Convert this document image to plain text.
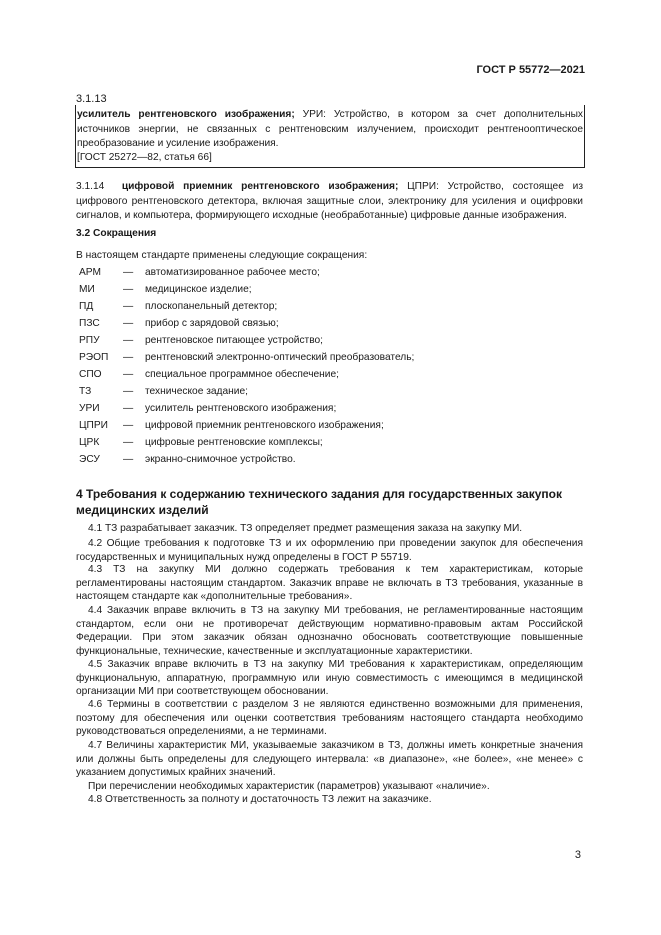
ГОСТ Р 55772—2021
3.1.13
усилитель рентгеновского изображения; УРИ: Устройство, в котором за счет дополнительных источников энергии, не связанных с рентгеновским излучением, происходит рентгенооптическое преобразование и усиление изображения.
[ГОСТ 25272—82, статья 66]
3.1.14 цифровой приемник рентгеновского изображения; ЦПРИ: Устройство, состоящее из цифрового рентгеновского детектора, включая защитные слои, электронику для усиления и оцифровки сигналов, и компьютера, формирующего исходные (необработанные) цифровые данные изображения.
3.2 Сокращения
В настоящем стандарте применены следующие сокращения:
АРМ	— автоматизированное рабочее место;
МИ	— медицинское изделие;
ПД	— плоскопанельный детектор;
ПЗС	— прибор с зарядовой связью;
РПУ	— рентгеновское питающее устройство;
РЭОП	— рентгеновский электронно-оптический преобразователь;
СПО	— специальное программное обеспечение;
ТЗ	— техническое задание;
УРИ	— усилитель рентгеновского изображения;
ЦПРИ	— цифровой приемник рентгеновского изображения;
ЦРК	— цифровые рентгеновские комплексы;
ЭСУ	— экранно-снимочное устройство.
4 Требования к содержанию технического задания для государственных закупок медицинских изделий
4.1 ТЗ разрабатывает заказчик. ТЗ определяет предмет размещения заказа на закупку МИ.
4.2 Общие требования к подготовке ТЗ и их оформлению при проведении закупок для обеспечения государственных и муниципальных нужд определены в ГОСТ Р 55719.
4.3 ТЗ на закупку МИ должно содержать требования к тем характеристикам, которые регламентированы настоящим стандартом. Заказчик вправе не включать в ТЗ требования, указанные в настоящем стандарте как «дополнительные требования».
4.4 Заказчик вправе включить в ТЗ на закупку МИ требования, не регламентированные настоящим стандартом, если они не противоречат действующим нормативно-правовым актам Российской Федерации. При этом заказчик обязан однозначно обосновать соответствующие повышенные функциональные, технические, качественные и эксплуатационные характеристики.
4.5 Заказчик вправе включить в ТЗ на закупку МИ требования к характеристикам, определяющим функциональную, аппаратную, программную или иную совместимость с имеющимся в медицинской организации МИ при соответствующем обосновании.
4.6 Термины в соответствии с разделом 3 не являются единственно возможными для применения, поэтому для обеспечения или оценки соответствия требованиям настоящего стандарта необходимо руководствоваться определениями, а не терминами.
4.7 Величины характеристик МИ, указываемые заказчиком в ТЗ, должны иметь конкретные значения или должны быть определены для следующего интервала: «в диапазоне», «не более», «не менее» с указанием допустимых крайних значений.
При перечислении необходимых характеристик (параметров) указывают «наличие».
4.8 Ответственность за полноту и достаточность ТЗ лежит на заказчике.
3
